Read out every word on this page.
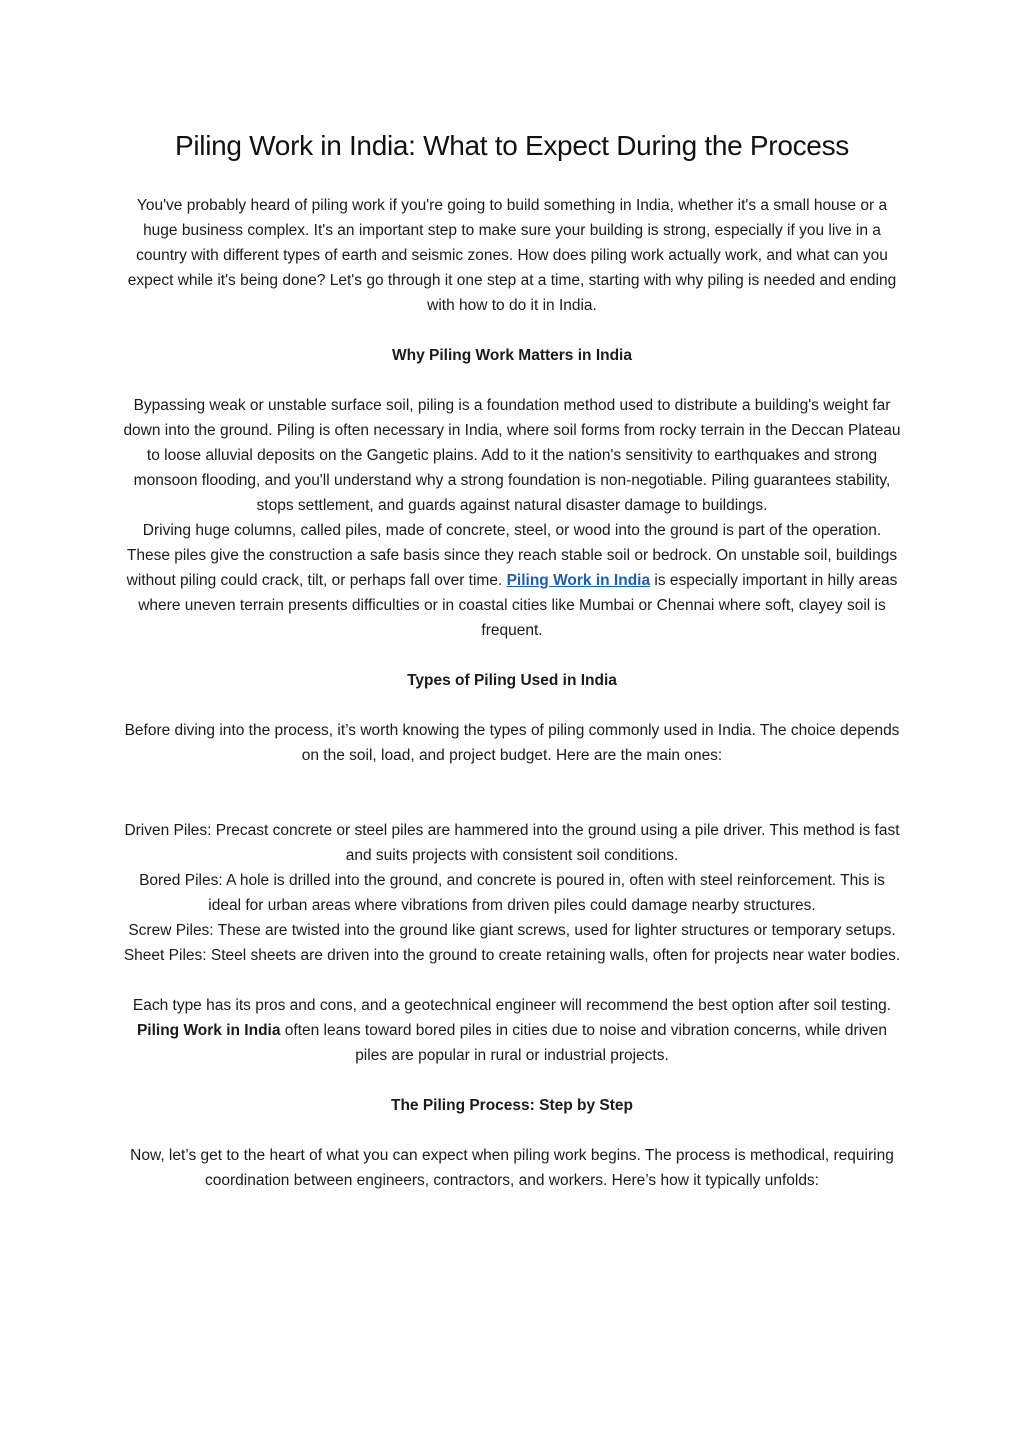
Piling Work in India: What to Expect During the Process

You've probably heard of piling work if you're going to build something in India, whether it's a small house or a huge business complex. It's an important step to make sure your building is strong, especially if you live in a country with different types of earth and seismic zones. How does piling work actually work, and what can you expect while it's being done? Let's go through it one step at a time, starting with why piling is needed and ending with how to do it in India.

Why Piling Work Matters in India

Bypassing weak or unstable surface soil, piling is a foundation method used to distribute a building's weight far down into the ground. Piling is often necessary in India, where soil forms from rocky terrain in the Deccan Plateau to loose alluvial deposits on the Gangetic plains. Add to it the nation's sensitivity to earthquakes and strong monsoon flooding, and you'll understand why a strong foundation is non-negotiable. Piling guarantees stability, stops settlement, and guards against natural disaster damage to buildings.

Driving huge columns, called piles, made of concrete, steel, or wood into the ground is part of the operation. These piles give the construction a safe basis since they reach stable soil or bedrock. On unstable soil, buildings without piling could crack, tilt, or perhaps fall over time. Piling Work in India is especially important in hilly areas where uneven terrain presents difficulties or in coastal cities like Mumbai or Chennai where soft, clayey soil is frequent.

Types of Piling Used in India

Before diving into the process, it’s worth knowing the types of piling commonly used in India. The choice depends on the soil, load, and project budget. Here are the main ones:

Driven Piles: Precast concrete or steel piles are hammered into the ground using a pile driver. This method is fast and suits projects with consistent soil conditions.

Bored Piles: A hole is drilled into the ground, and concrete is poured in, often with steel reinforcement. This is ideal for urban areas where vibrations from driven piles could damage nearby structures.

Screw Piles: These are twisted into the ground like giant screws, used for lighter structures or temporary setups.

Sheet Piles: Steel sheets are driven into the ground to create retaining walls, often for projects near water bodies.

Each type has its pros and cons, and a geotechnical engineer will recommend the best option after soil testing. Piling Work in India often leans toward bored piles in cities due to noise and vibration concerns, while driven piles are popular in rural or industrial projects.

The Piling Process: Step by Step

Now, let’s get to the heart of what you can expect when piling work begins. The process is methodical, requiring coordination between engineers, contractors, and workers. Here’s how it typically unfolds:
